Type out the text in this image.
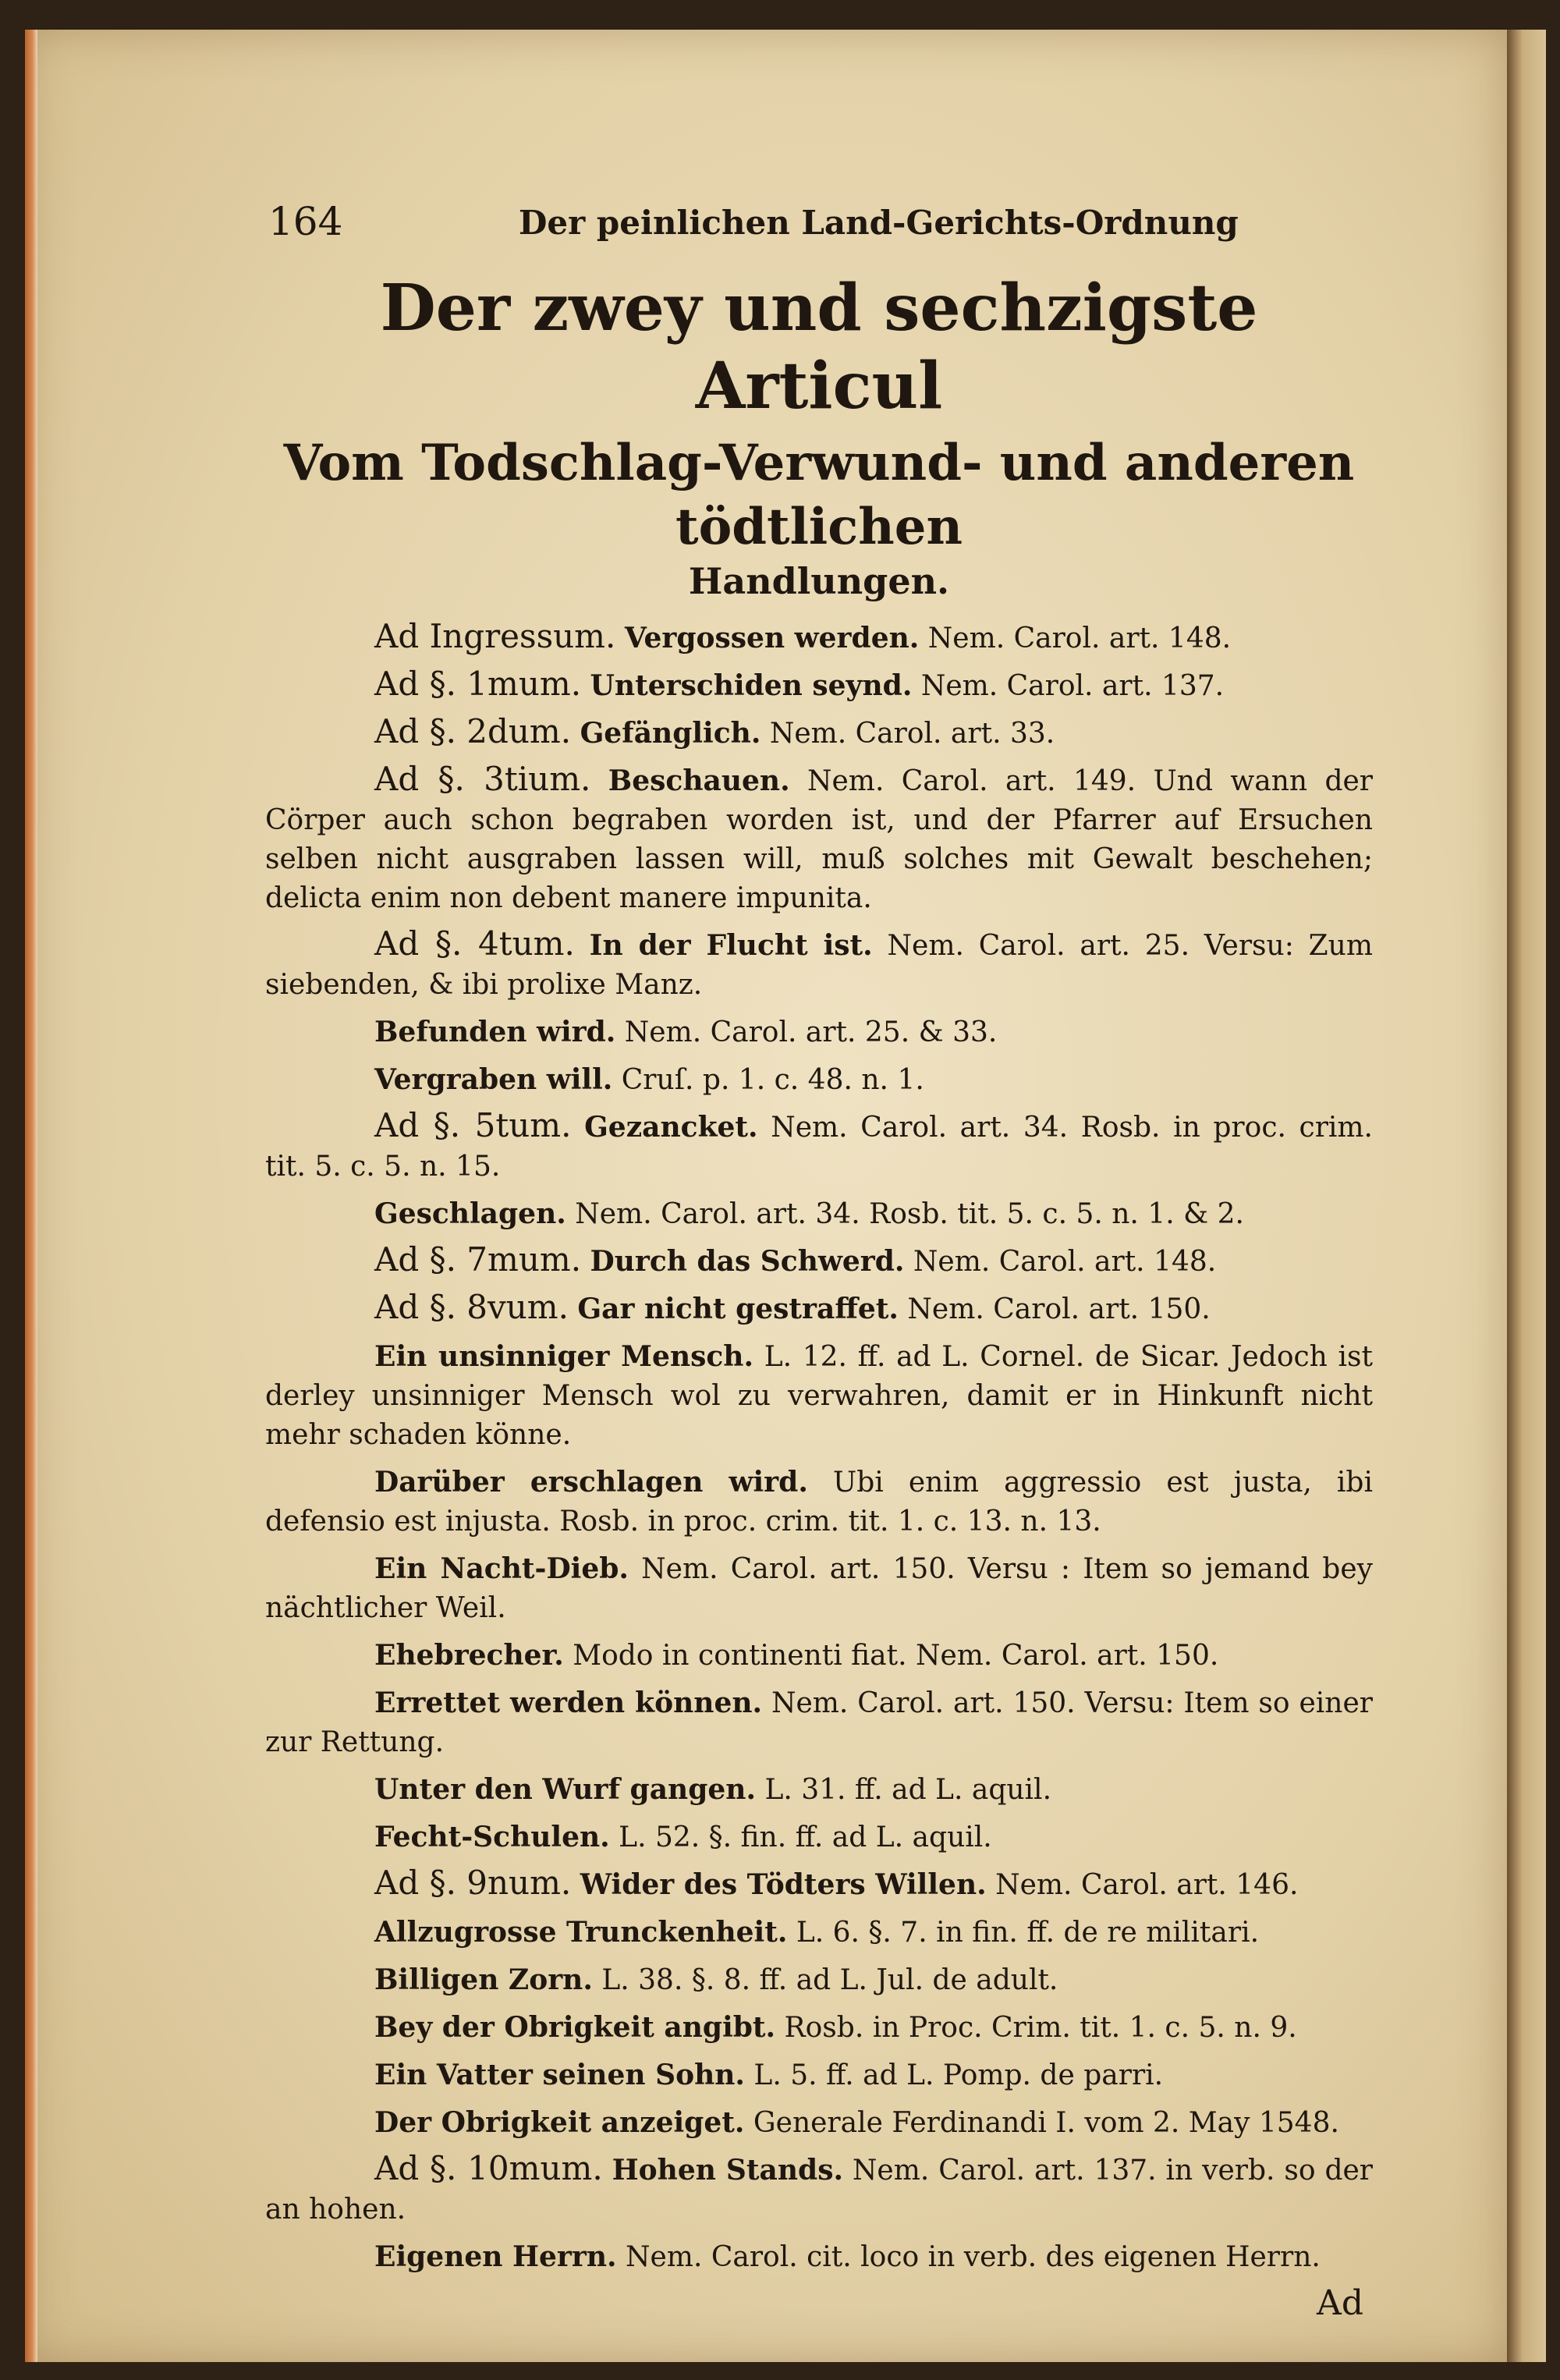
164	Der peinlichen Land-Gerichts-Ordnung
Der zwey und sechzigste Articul
Vom Todschlag-Verwund- und anderen tödtlichen
Handlungen.

Ad Ingressum. Vergossen werden. Nem. Carol. art. 148.

Ad §. 1mum. Unterschiden seynd. Nem. Carol. art. 137.

Ad §. 2dum. Gefänglich. Nem. Carol. art. 33.

Ad §. 3tium. Beschauen. Nem. Carol. art. 149. Und wann der Cörper auch schon begraben worden ist, und der Pfarrer auf Ersuchen selben nicht ausgraben lassen will, muß solches mit Gewalt beschehen; delicta enim non debent manere impunita.

Ad §. 4tum. In der Flucht ist. Nem. Carol. art. 25. Versu: Zum siebenden, & ibi prolixe Manz.

Befunden wird. Nem. Carol. art. 25. & 33.

Vergraben will. Cruſ. p. 1. c. 48. n. 1.

Ad §. 5tum. Gezancket. Nem. Carol. art. 34. Rosb. in proc. crim. tit. 5. c. 5. n. 15.

Geschlagen. Nem. Carol. art. 34. Rosb. tit. 5. c. 5. n. 1. & 2.

Ad §. 7mum. Durch das Schwerd. Nem. Carol. art. 148.

Ad §. 8vum. Gar nicht gestraffet. Nem. Carol. art. 150.

Ein unsinniger Mensch. L. 12. ff. ad L. Cornel. de Sicar. Jedoch ist derley unsinniger Mensch wol zu verwahren, damit er in Hinkunft nicht mehr schaden könne.

Darüber erschlagen wird. Ubi enim aggressio est justa, ibi defensio est injusta. Rosb. in proc. crim. tit. 1. c. 13. n. 13.

Ein Nacht-Dieb. Nem. Carol. art. 150. Versu : Item so jemand bey nächtlicher Weil.

Ehebrecher. Modo in continenti fiat. Nem. Carol. art. 150.

Errettet werden können. Nem. Carol. art. 150. Versu: Item so einer zur Rettung.

Unter den Wurf gangen. L. 31. ff. ad L. aquil.

Fecht-Schulen. L. 52. §. fin. ff. ad L. aquil.

Ad §. 9num. Wider des Tödters Willen. Nem. Carol. art. 146.

Allzugrosse Trunckenheit. L. 6. §. 7. in fin. ff. de re militari.

Billigen Zorn. L. 38. §. 8. ff. ad L. Jul. de adult.

Bey der Obrigkeit angibt. Rosb. in Proc. Crim. tit. 1. c. 5. n. 9.

Ein Vatter seinen Sohn. L. 5. ff. ad L. Pomp. de parri.

Der Obrigkeit anzeiget. Generale Ferdinandi I. vom 2. May 1548.

Ad §. 10mum. Hohen Stands. Nem. Carol. art. 137. in verb. so der an hohen.

Eigenen Herrn. Nem. Carol. cit. loco in verb. des eigenen Herrn.

Ad
